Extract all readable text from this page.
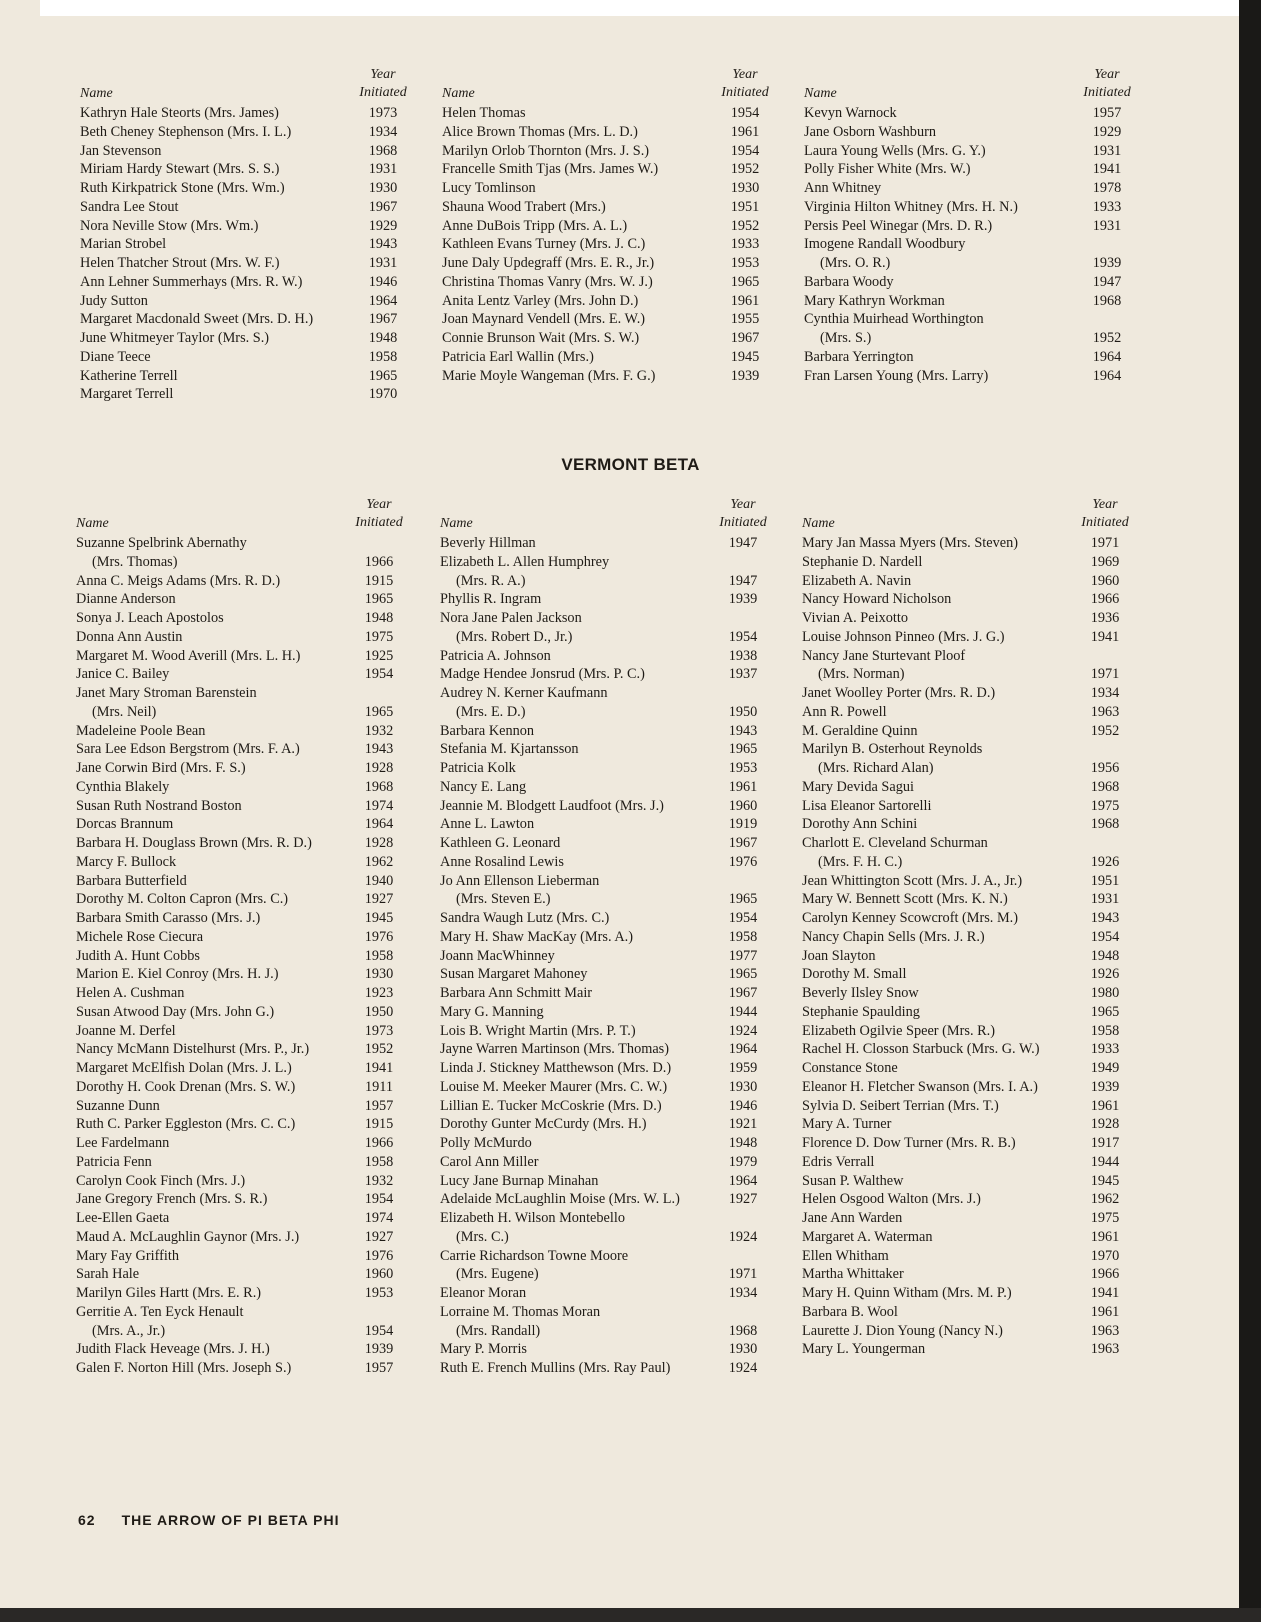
Name
Year
Initiated
Kathryn Hale Steorts (Mrs. James)	1973
Beth Cheney Stephenson (Mrs. I. L.)	1934
Jan Stevenson	1968
Miriam Hardy Stewart (Mrs. S. S.)	1931
Ruth Kirkpatrick Stone (Mrs. Wm.)	1930
Sandra Lee Stout	1967
Nora Neville Stow (Mrs. Wm.)	1929
Marian Strobel	1943
Helen Thatcher Strout (Mrs. W. F.)	1931
Ann Lehner Summerhays (Mrs. R. W.)	1946
Judy Sutton	1964
Margaret Macdonald Sweet (Mrs. D. H.)	1967
June Whitmeyer Taylor (Mrs. S.)	1948
Diane Teece	1958
Katherine Terrell	1965
Margaret Terrell	1970
Name
Year
Initiated
Helen Thomas	1954
Alice Brown Thomas (Mrs. L. D.)	1961
Marilyn Orlob Thornton (Mrs. J. S.)	1954
Francelle Smith Tjas (Mrs. James W.)	1952
Lucy Tomlinson	1930
Shauna Wood Trabert (Mrs.)	1951
Anne DuBois Tripp (Mrs. A. L.)	1952
Kathleen Evans Turney (Mrs. J. C.)	1933
June Daly Updegraff (Mrs. E. R., Jr.)	1953
Christina Thomas Vanry (Mrs. W. J.)	1965
Anita Lentz Varley (Mrs. John D.)	1961
Joan Maynard Vendell (Mrs. E. W.)	1955
Connie Brunson Wait (Mrs. S. W.)	1967
Patricia Earl Wallin (Mrs.)	1945
Marie Moyle Wangeman (Mrs. F. G.)	1939
Name
Year
Initiated
Kevyn Warnock	1957
Jane Osborn Washburn	1929
Laura Young Wells (Mrs. G. Y.)	1931
Polly Fisher White (Mrs. W.)	1941
Ann Whitney	1978
Virginia Hilton Whitney (Mrs. H. N.)	1933
Persis Peel Winegar (Mrs. D. R.)	1931
Imogene Randall Woodbury
(Mrs. O. R.)	1939
Barbara Woody	1947
Mary Kathryn Workman	1968
Cynthia Muirhead Worthington
(Mrs. S.)	1952
Barbara Yerrington	1964
Fran Larsen Young (Mrs. Larry)	1964
VERMONT BETA
Name
Year
Initiated
Suzanne Spelbrink Abernathy
(Mrs. Thomas)	1966
Anna C. Meigs Adams (Mrs. R. D.)	1915
Dianne Anderson	1965
Sonya J. Leach Apostolos	1948
Donna Ann Austin	1975
Margaret M. Wood Averill (Mrs. L. H.)	1925
Janice C. Bailey	1954
Janet Mary Stroman Barenstein
(Mrs. Neil)	1965
Madeleine Poole Bean	1932
Sara Lee Edson Bergstrom (Mrs. F. A.)	1943
Jane Corwin Bird (Mrs. F. S.)	1928
Cynthia Blakely	1968
Susan Ruth Nostrand Boston	1974
Dorcas Brannum	1964
Barbara H. Douglass Brown (Mrs. R. D.)	1928
Marcy F. Bullock	1962
Barbara Butterfield	1940
Dorothy M. Colton Capron (Mrs. C.)	1927
Barbara Smith Carasso (Mrs. J.)	1945
Michele Rose Ciecura	1976
Judith A. Hunt Cobbs	1958
Marion E. Kiel Conroy (Mrs. H. J.)	1930
Helen A. Cushman	1923
Susan Atwood Day (Mrs. John G.)	1950
Joanne M. Derfel	1973
Nancy McMann Distelhurst (Mrs. P., Jr.)	1952
Margaret McElfish Dolan (Mrs. J. L.)	1941
Dorothy H. Cook Drenan (Mrs. S. W.)	1911
Suzanne Dunn	1957
Ruth C. Parker Eggleston (Mrs. C. C.)	1915
Lee Fardelmann	1966
Patricia Fenn	1958
Carolyn Cook Finch (Mrs. J.)	1932
Jane Gregory French (Mrs. S. R.)	1954
Lee-Ellen Gaeta	1974
Maud A. McLaughlin Gaynor (Mrs. J.)	1927
Mary Fay Griffith	1976
Sarah Hale	1960
Marilyn Giles Hartt (Mrs. E. R.)	1953
Gerritie A. Ten Eyck Henault
(Mrs. A., Jr.)	1954
Judith Flack Heveage (Mrs. J. H.)	1939
Galen F. Norton Hill (Mrs. Joseph S.)	1957
Name
Year
Initiated
Beverly Hillman	1947
Elizabeth L. Allen Humphrey
(Mrs. R. A.)	1947
Phyllis R. Ingram	1939
Nora Jane Palen Jackson
(Mrs. Robert D., Jr.)	1954
Patricia A. Johnson	1938
Madge Hendee Jonsrud (Mrs. P. C.)	1937
Audrey N. Kerner Kaufmann
(Mrs. E. D.)	1950
Barbara Kennon	1943
Stefania M. Kjartansson	1965
Patricia Kolk	1953
Nancy E. Lang	1961
Jeannie M. Blodgett Laudfoot (Mrs. J.)	1960
Anne L. Lawton	1919
Kathleen G. Leonard	1967
Anne Rosalind Lewis	1976
Jo Ann Ellenson Lieberman
(Mrs. Steven E.)	1965
Sandra Waugh Lutz (Mrs. C.)	1954
Mary H. Shaw MacKay (Mrs. A.)	1958
Joann MacWhinney	1977
Susan Margaret Mahoney	1965
Barbara Ann Schmitt Mair	1967
Mary G. Manning	1944
Lois B. Wright Martin (Mrs. P. T.)	1924
Jayne Warren Martinson (Mrs. Thomas)	1964
Linda J. Stickney Matthewson (Mrs. D.)	1959
Louise M. Meeker Maurer (Mrs. C. W.)	1930
Lillian E. Tucker McCoskrie (Mrs. D.)	1946
Dorothy Gunter McCurdy (Mrs. H.)	1921
Polly McMurdo	1948
Carol Ann Miller	1979
Lucy Jane Burnap Minahan	1964
Adelaide McLaughlin Moise (Mrs. W. L.)	1927
Elizabeth H. Wilson Montebello
(Mrs. C.)	1924
Carrie Richardson Towne Moore
(Mrs. Eugene)	1971
Eleanor Moran	1934
Lorraine M. Thomas Moran
(Mrs. Randall)	1968
Mary P. Morris	1930
Ruth E. French Mullins (Mrs. Ray Paul)	1924
Name
Year
Initiated
Mary Jan Massa Myers (Mrs. Steven)	1971
Stephanie D. Nardell	1969
Elizabeth A. Navin	1960
Nancy Howard Nicholson	1966
Vivian A. Peixotto	1936
Louise Johnson Pinneo (Mrs. J. G.)	1941
Nancy Jane Sturtevant Ploof
(Mrs. Norman)	1971
Janet Woolley Porter (Mrs. R. D.)	1934
Ann R. Powell	1963
M. Geraldine Quinn	1952
Marilyn B. Osterhout Reynolds
(Mrs. Richard Alan)	1956
Mary Devida Sagui	1968
Lisa Eleanor Sartorelli	1975
Dorothy Ann Schini	1968
Charlott E. Cleveland Schurman
(Mrs. F. H. C.)	1926
Jean Whittington Scott (Mrs. J. A., Jr.)	1951
Mary W. Bennett Scott (Mrs. K. N.)	1931
Carolyn Kenney Scowcroft (Mrs. M.)	1943
Nancy Chapin Sells (Mrs. J. R.)	1954
Joan Slayton	1948
Dorothy M. Small	1926
Beverly Ilsley Snow	1980
Stephanie Spaulding	1965
Elizabeth Ogilvie Speer (Mrs. R.)	1958
Rachel H. Closson Starbuck (Mrs. G. W.)	1933
Constance Stone	1949
Eleanor H. Fletcher Swanson (Mrs. I. A.)	1939
Sylvia D. Seibert Terrian (Mrs. T.)	1961
Mary A. Turner	1928
Florence D. Dow Turner (Mrs. R. B.)	1917
Edris Verrall	1944
Susan P. Walthew	1945
Helen Osgood Walton (Mrs. J.)	1962
Jane Ann Warden	1975
Margaret A. Waterman	1961
Ellen Whitham	1970
Martha Whittaker	1966
Mary H. Quinn Witham (Mrs. M. P.)	1941
Barbara B. Wool	1961
Laurette J. Dion Young (Nancy N.)	1963
Mary L. Youngerman	1963
62 THE ARROW OF PI BETA PHI
